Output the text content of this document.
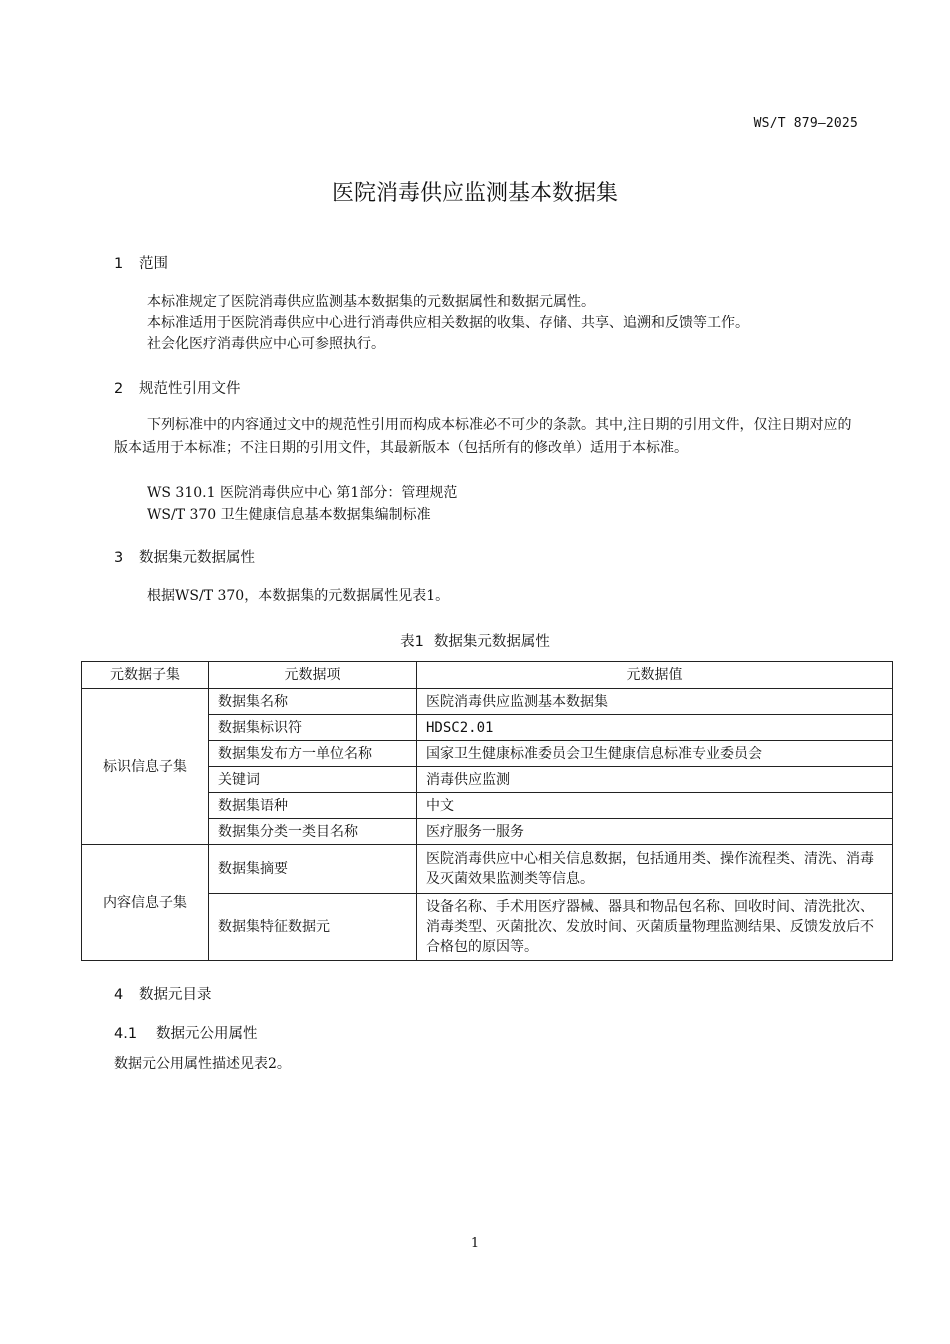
WS/T 879—2025
医院消毒供应监测基本数据集
1 范围
本标准规定了医院消毒供应监测基本数据集的元数据属性和数据元属性。
本标准适用于医院消毒供应中心进行消毒供应相关数据的收集、存储、共享、追溯和反馈等工作。
社会化医疗消毒供应中心可参照执行。
2 规范性引用文件
下列标准中的内容通过文中的规范性引用而构成本标准必不可少的条款。其中,注日期的引用文件，仅注日期对应的版本适用于本标准；不注日期的引用文件，其最新版本（包括所有的修改单）适用于本标准。
WS 310.1 医院消毒供应中心 第1部分：管理规范
WS/T 370 卫生健康信息基本数据集编制标准
3 数据集元数据属性
根据WS/T 370，本数据集的元数据属性见表1。
表1 数据集元数据属性
元数据子集	元数据项	元数据值
标识信息子集	数据集名称	医院消毒供应监测基本数据集
	数据集标识符	HDSC2.01
	数据集发布方一单位名称	国家卫生健康标准委员会卫生健康信息标准专业委员会
	关键词	消毒供应监测
	数据集语种	中文
	数据集分类一类目名称	医疗服务一服务
内容信息子集	数据集摘要	医院消毒供应中心相关信息数据，包括通用类、操作流程类、清洗、消毒及灭菌效果监测类等信息。
	数据集特征数据元	设备名称、手术用医疗器械、器具和物品包名称、回收时间、清洗批次、消毒类型、灭菌批次、发放时间、灭菌质量物理监测结果、反馈发放后不合格包的原因等。
4 数据元目录
4.1 数据元公用属性
数据元公用属性描述见表2。
1
